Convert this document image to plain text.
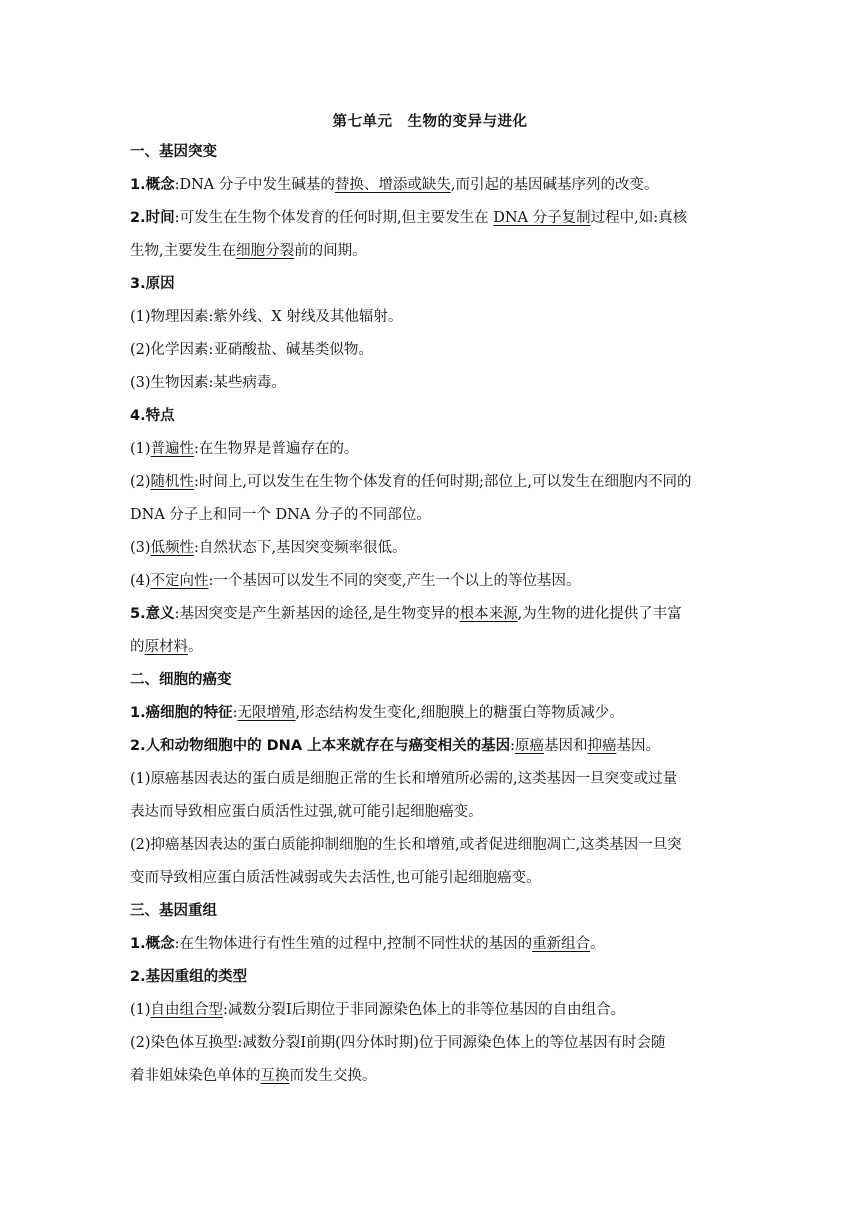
第七单元　生物的变异与进化
一、基因突变
1.概念:DNA 分子中发生碱基的替换、增添或缺失,而引起的基因碱基序列的改变。
2.时间:可发生在生物个体发育的任何时期,但主要发生在 DNA 分子复制过程中,如:真核
生物,主要发生在细胞分裂前的间期。
3.原因
(1)物理因素:紫外线、X 射线及其他辐射。
(2)化学因素:亚硝酸盐、碱基类似物。
(3)生物因素:某些病毒。
4.特点
(1)普遍性:在生物界是普遍存在的。
(2)随机性:时间上,可以发生在生物个体发育的任何时期;部位上,可以发生在细胞内不同的
DNA 分子上和同一个 DNA 分子的不同部位。
(3)低频性:自然状态下,基因突变频率很低。
(4)不定向性:一个基因可以发生不同的突变,产生一个以上的等位基因。
5.意义:基因突变是产生新基因的途径,是生物变异的根本来源,为生物的进化提供了丰富
的原材料。
二、细胞的癌变
1.癌细胞的特征:无限增殖,形态结构发生变化,细胞膜上的糖蛋白等物质减少。
2.人和动物细胞中的 DNA 上本来就存在与癌变相关的基因:原癌基因和抑癌基因。
(1)原癌基因表达的蛋白质是细胞正常的生长和增殖所必需的,这类基因一旦突变或过量
表达而导致相应蛋白质活性过强,就可能引起细胞癌变。
(2)抑癌基因表达的蛋白质能抑制细胞的生长和增殖,或者促进细胞凋亡,这类基因一旦突
变而导致相应蛋白质活性减弱或失去活性,也可能引起细胞癌变。
三、基因重组
1.概念:在生物体进行有性生殖的过程中,控制不同性状的基因的重新组合。
2.基因重组的类型
(1)自由组合型:减数分裂Ⅰ后期位于非同源染色体上的非等位基因的自由组合。
(2)染色体互换型:减数分裂Ⅰ前期(四分体时期)位于同源染色体上的等位基因有时会随
着非姐妹染色单体的互换而发生交换。
